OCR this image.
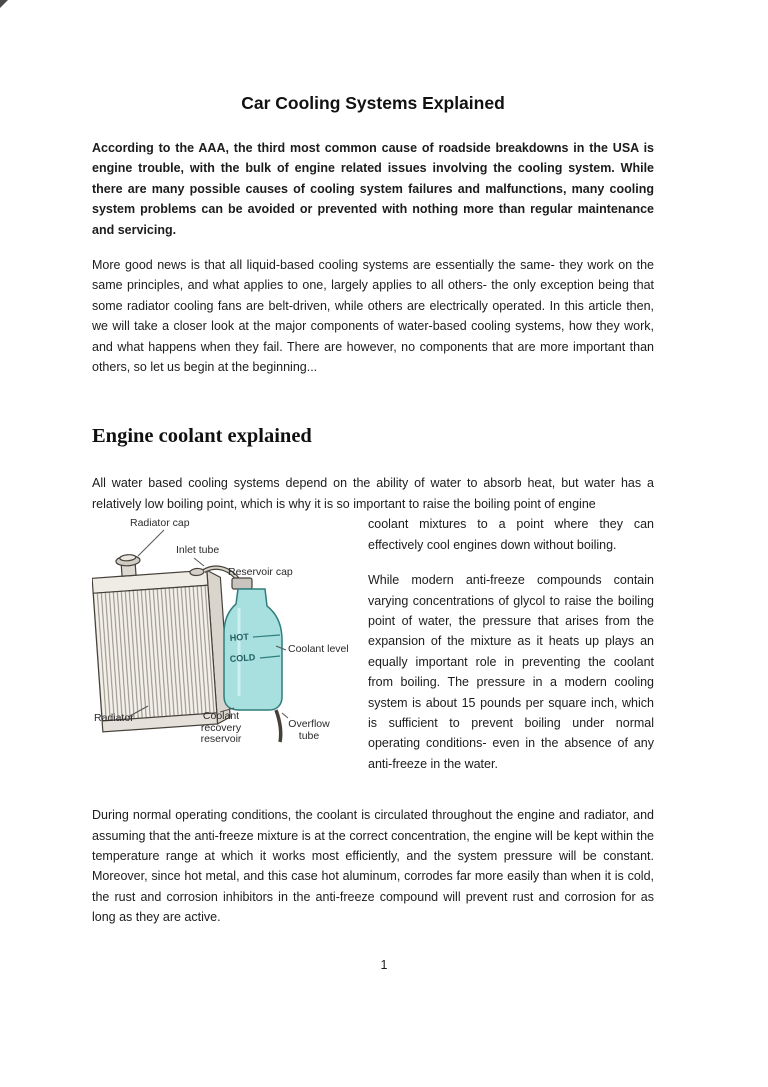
Car Cooling Systems Explained

According to the AAA, the third most common cause of roadside breakdowns in the USA is engine trouble, with the bulk of engine related issues involving the cooling system. While there are many possible causes of cooling system failures and malfunctions, many cooling system problems can be avoided or prevented with nothing more than regular maintenance and servicing.

More good news is that all liquid-based cooling systems are essentially the same- they work on the same principles, and what applies to one, largely applies to all others- the only exception being that some radiator cooling fans are belt-driven, while others are electrically operated. In this article then, we will take a closer look at the major components of water-based cooling systems, how they work, and what happens when they fail. There are however, no components that are more important than others, so let us begin at the beginning...

Engine coolant explained

All water based cooling systems depend on the ability of water to absorb heat, but water has a relatively low boiling point, which is why it is so important to raise the boiling point of engine

HOT
COLD
Radiator cap
Inlet tube
Reservoir cap
Coolant level
Radiator	Coolant recovery reservoir
Overflow tube

coolant mixtures to a point where they can effectively cool engines down without boiling.

While modern anti-freeze compounds contain varying concentrations of glycol to raise the boiling point of water, the pressure that arises from the expansion of the mixture as it heats up plays an equally important role in preventing the coolant from boiling. The pressure in a modern cooling system is about 15 pounds per square inch, which is sufficient to prevent boiling under normal operating conditions- even in the absence of any anti-freeze in the water.

During normal operating conditions, the coolant is circulated throughout the engine and radiator, and assuming that the anti-freeze mixture is at the correct concentration, the engine will be kept within the temperature range at which it works most efficiently, and the system pressure will be constant. Moreover, since hot metal, and this case hot aluminum, corrodes far more easily than when it is cold, the rust and corrosion inhibitors in the anti-freeze compound will prevent rust and corrosion for as long as they are active.

1
